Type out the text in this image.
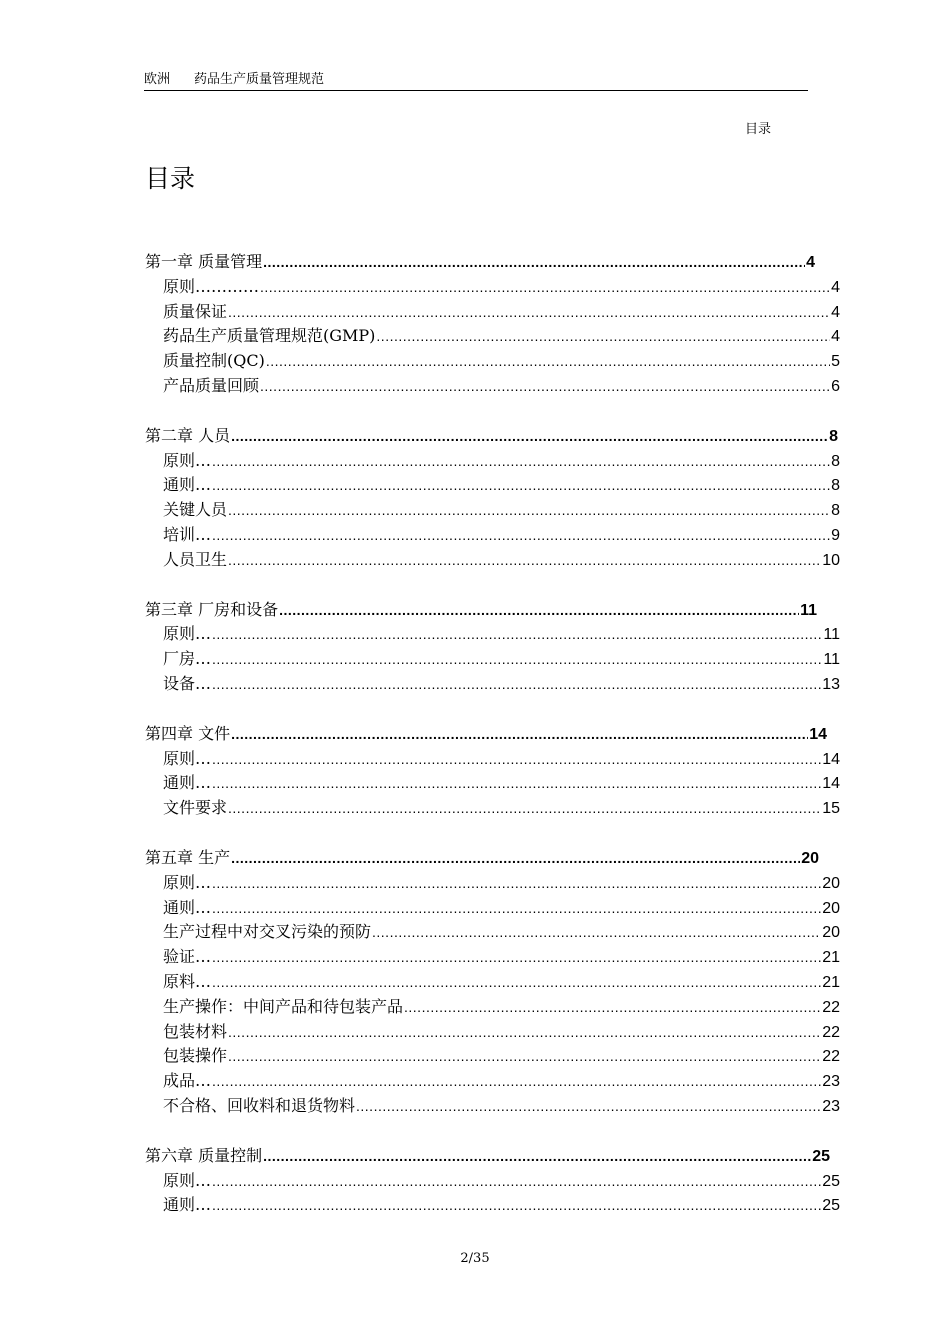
欧洲 药品生产质量管理规范
目录
目录
第一章 质量管理 .....	4
原则………… .....	4
质量保证 .....	4
药品生产质量管理规范(GMP) .....	4
质量控制(QC) .....	5
产品质量回顾 .....	6
第二章 人员 .....	8
原则… .....	8
通则… .....	8
关键人员 .....	8
培训… .....	9
人员卫生 .....	10
第三章 厂房和设备 .....	11
原则… .....	11
厂房… .....	11
设备… .....	13
第四章 文件 .....	14
原则… .....	14
通则… .....	14
文件要求 .....	15
第五章 生产 .....	20
原则… .....	20
通则… .....	20
生产过程中对交叉污染的预防 .....	20
验证… .....	21
原料… .....	21
生产操作：中间产品和待包装产品 .....	22
包装材料 .....	22
包装操作 .....	22
成品… .....	23
不合格、回收料和退货物料 .....	23
第六章 质量控制 .....	25
原则… .....	25
通则… .....	25
2/35
